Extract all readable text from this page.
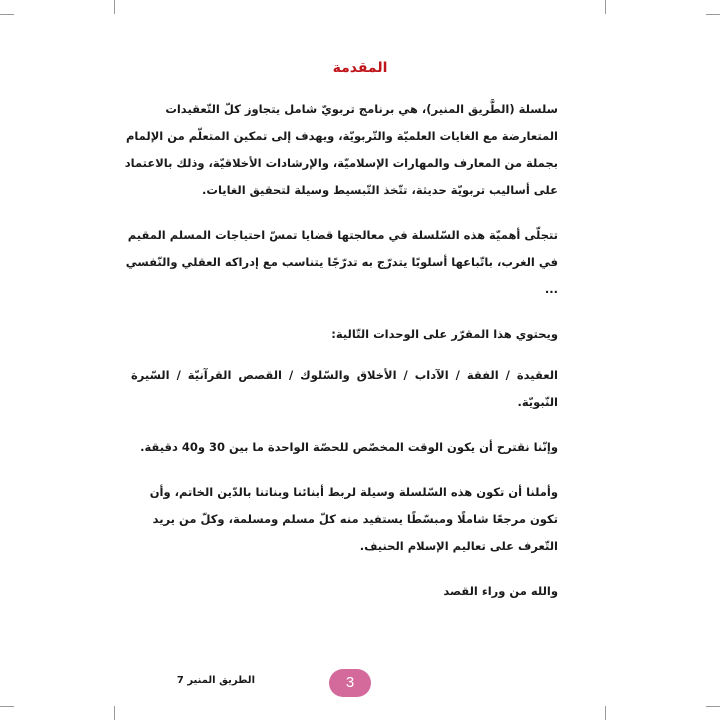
المقدمة

سلسلة (الطَّريق المنير)، هي برنامج تربويّ شامل يتجاوز كلّ التّعقيدات المتعارضة مع الغايات العلميّة والتّربويّة، ويهدف إلى تمكين المتعلّم من الإلمام بجملة من المعارف والمهارات الإسلاميّة، والإرشادات الأخلاقيّة، وذلك بالاعتماد على أساليب تربويّة حديثة، تتّخذ التّبسيط وسيلة لتحقيق الغايات.

تتجلّى أهميّة هذه السّلسلة في معالجتها قضايا تمسّ احتياجات المسلم المقيم في الغرب، باتّباعها أسلوبًا يتدرّج به تدرّجًا يتناسب مع إدراكه العقلي والنّفسي ...

ويحتوي هذا المقرّر على الوحدات التّالية:

العقيدة / الفقة / الآداب / الأخلاق والسّلوك / القصص القرآنيّة / السّيرة النّبويّة.

وإنّنا نقترح أن يكون الوقت المخصّص للحصّة الواحدة ما بين 30 و40 دقيقة.

وأملنا أن تكون هذه السّلسلة وسيلة لربط أبنائنا وبناتنا بالدّين الخاتم، وأن تكون مرجعًا شاملًا ومبسّطًا يستفيد منه كلّ مسلم ومسلمة، وكلّ من يريد التّعرف على تعاليم الإسلام الحنيف.

والله من وراء القصد

الطريق المنير 7	3
